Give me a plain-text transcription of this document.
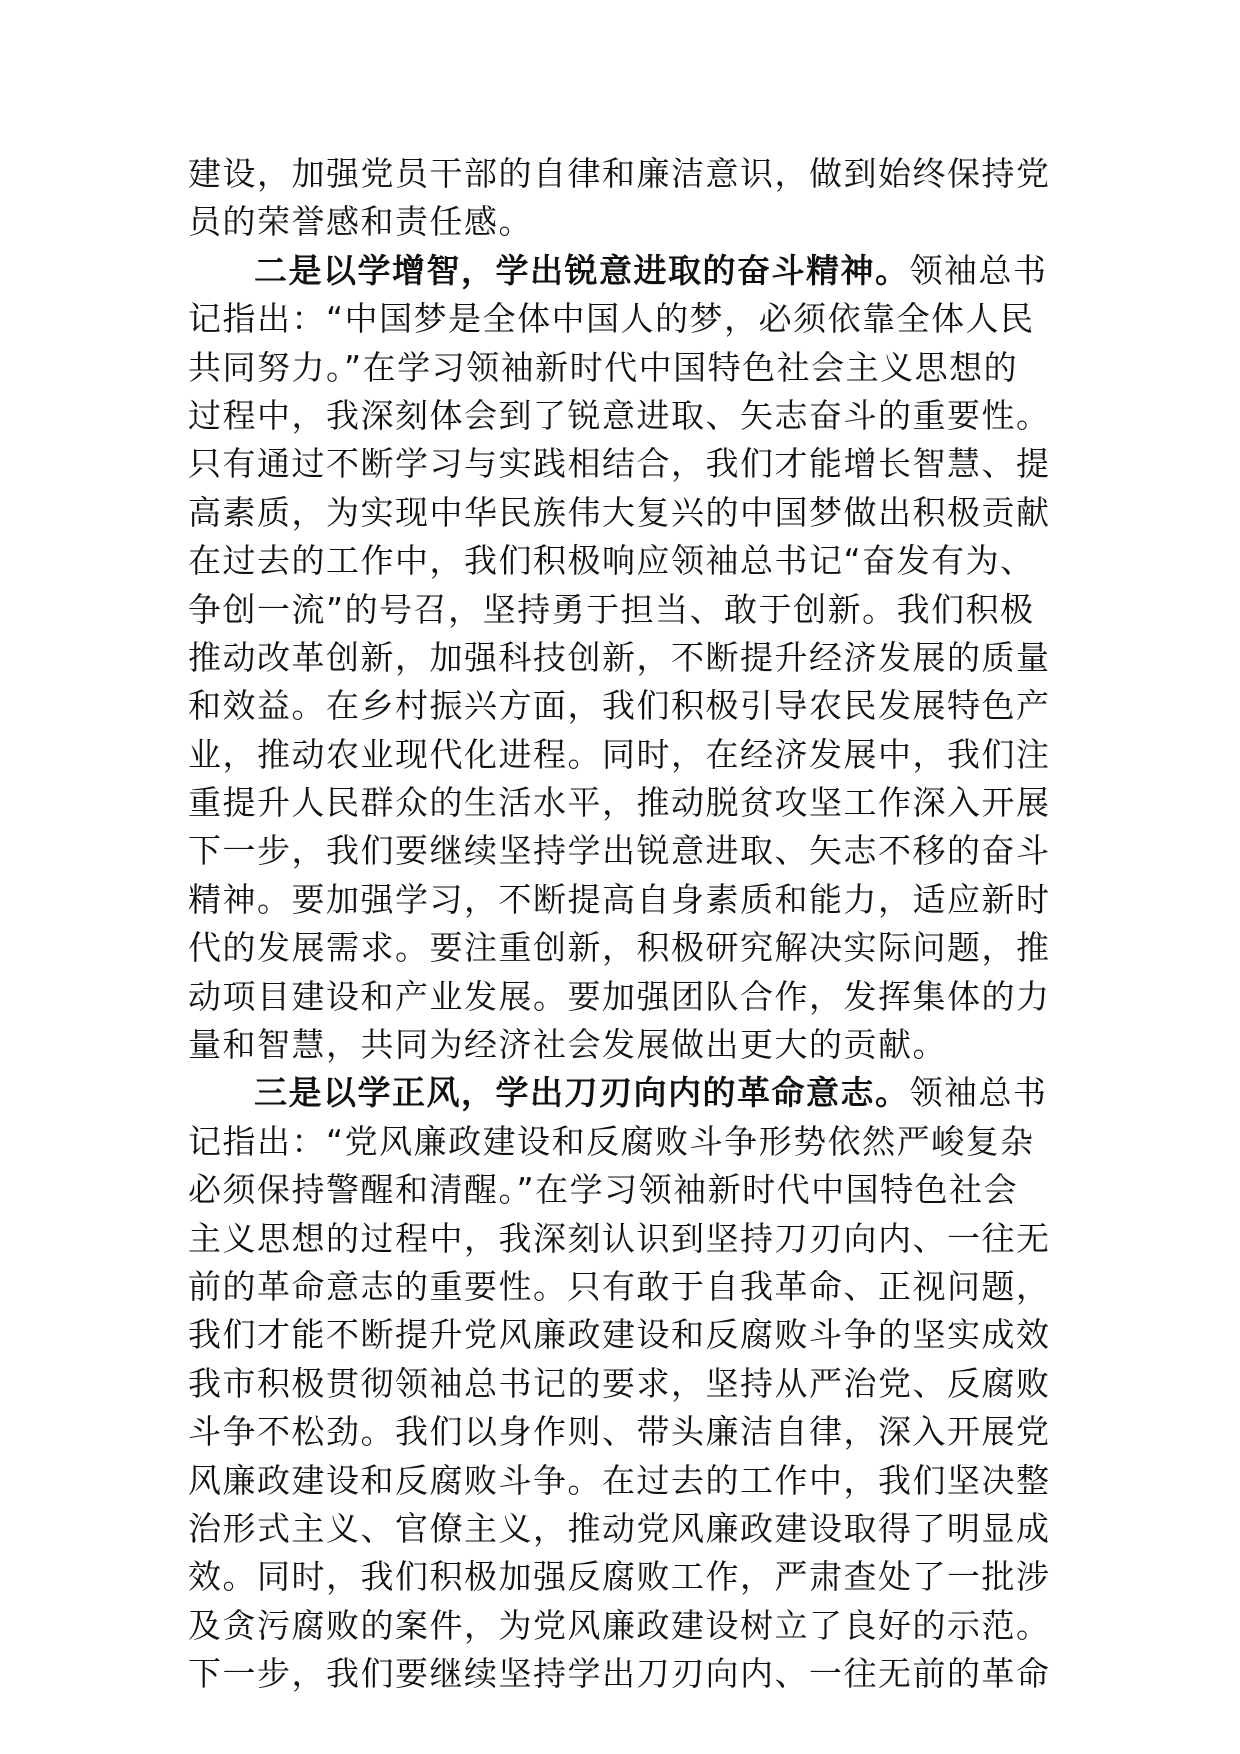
建设，加强党员干部的自律和廉洁意识，做到始终保持党
员的荣誉感和责任感。
二是以学增智，学出锐意进取的奋斗精神。领袖总书
记指出：“中国梦是全体中国人的梦，必须依靠全体人民
共同努力。”在学习领袖新时代中国特色社会主义思想的
过程中，我深刻体会到了锐意进取、矢志奋斗的重要性。
只有通过不断学习与实践相结合，我们才能增长智慧、提
高素质，为实现中华民族伟大复兴的中国梦做出积极贡献
在过去的工作中，我们积极响应领袖总书记“奋发有为、
争创一流”的号召，坚持勇于担当、敢于创新。我们积极
推动改革创新，加强科技创新，不断提升经济发展的质量
和效益。在乡村振兴方面，我们积极引导农民发展特色产
业，推动农业现代化进程。同时，在经济发展中，我们注
重提升人民群众的生活水平，推动脱贫攻坚工作深入开展
下一步，我们要继续坚持学出锐意进取、矢志不移的奋斗
精神。要加强学习，不断提高自身素质和能力，适应新时
代的发展需求。要注重创新，积极研究解决实际问题，推
动项目建设和产业发展。要加强团队合作，发挥集体的力
量和智慧，共同为经济社会发展做出更大的贡献。
三是以学正风，学出刀刃向内的革命意志。领袖总书
记指出：“党风廉政建设和反腐败斗争形势依然严峻复杂
必须保持警醒和清醒。”在学习领袖新时代中国特色社会
主义思想的过程中，我深刻认识到坚持刀刃向内、一往无
前的革命意志的重要性。只有敢于自我革命、正视问题，
我们才能不断提升党风廉政建设和反腐败斗争的坚实成效
我市积极贯彻领袖总书记的要求，坚持从严治党、反腐败
斗争不松劲。我们以身作则、带头廉洁自律，深入开展党
风廉政建设和反腐败斗争。在过去的工作中，我们坚决整
治形式主义、官僚主义，推动党风廉政建设取得了明显成
效。同时，我们积极加强反腐败工作，严肃查处了一批涉
及贪污腐败的案件，为党风廉政建设树立了良好的示范。
下一步，我们要继续坚持学出刀刃向内、一往无前的革命
